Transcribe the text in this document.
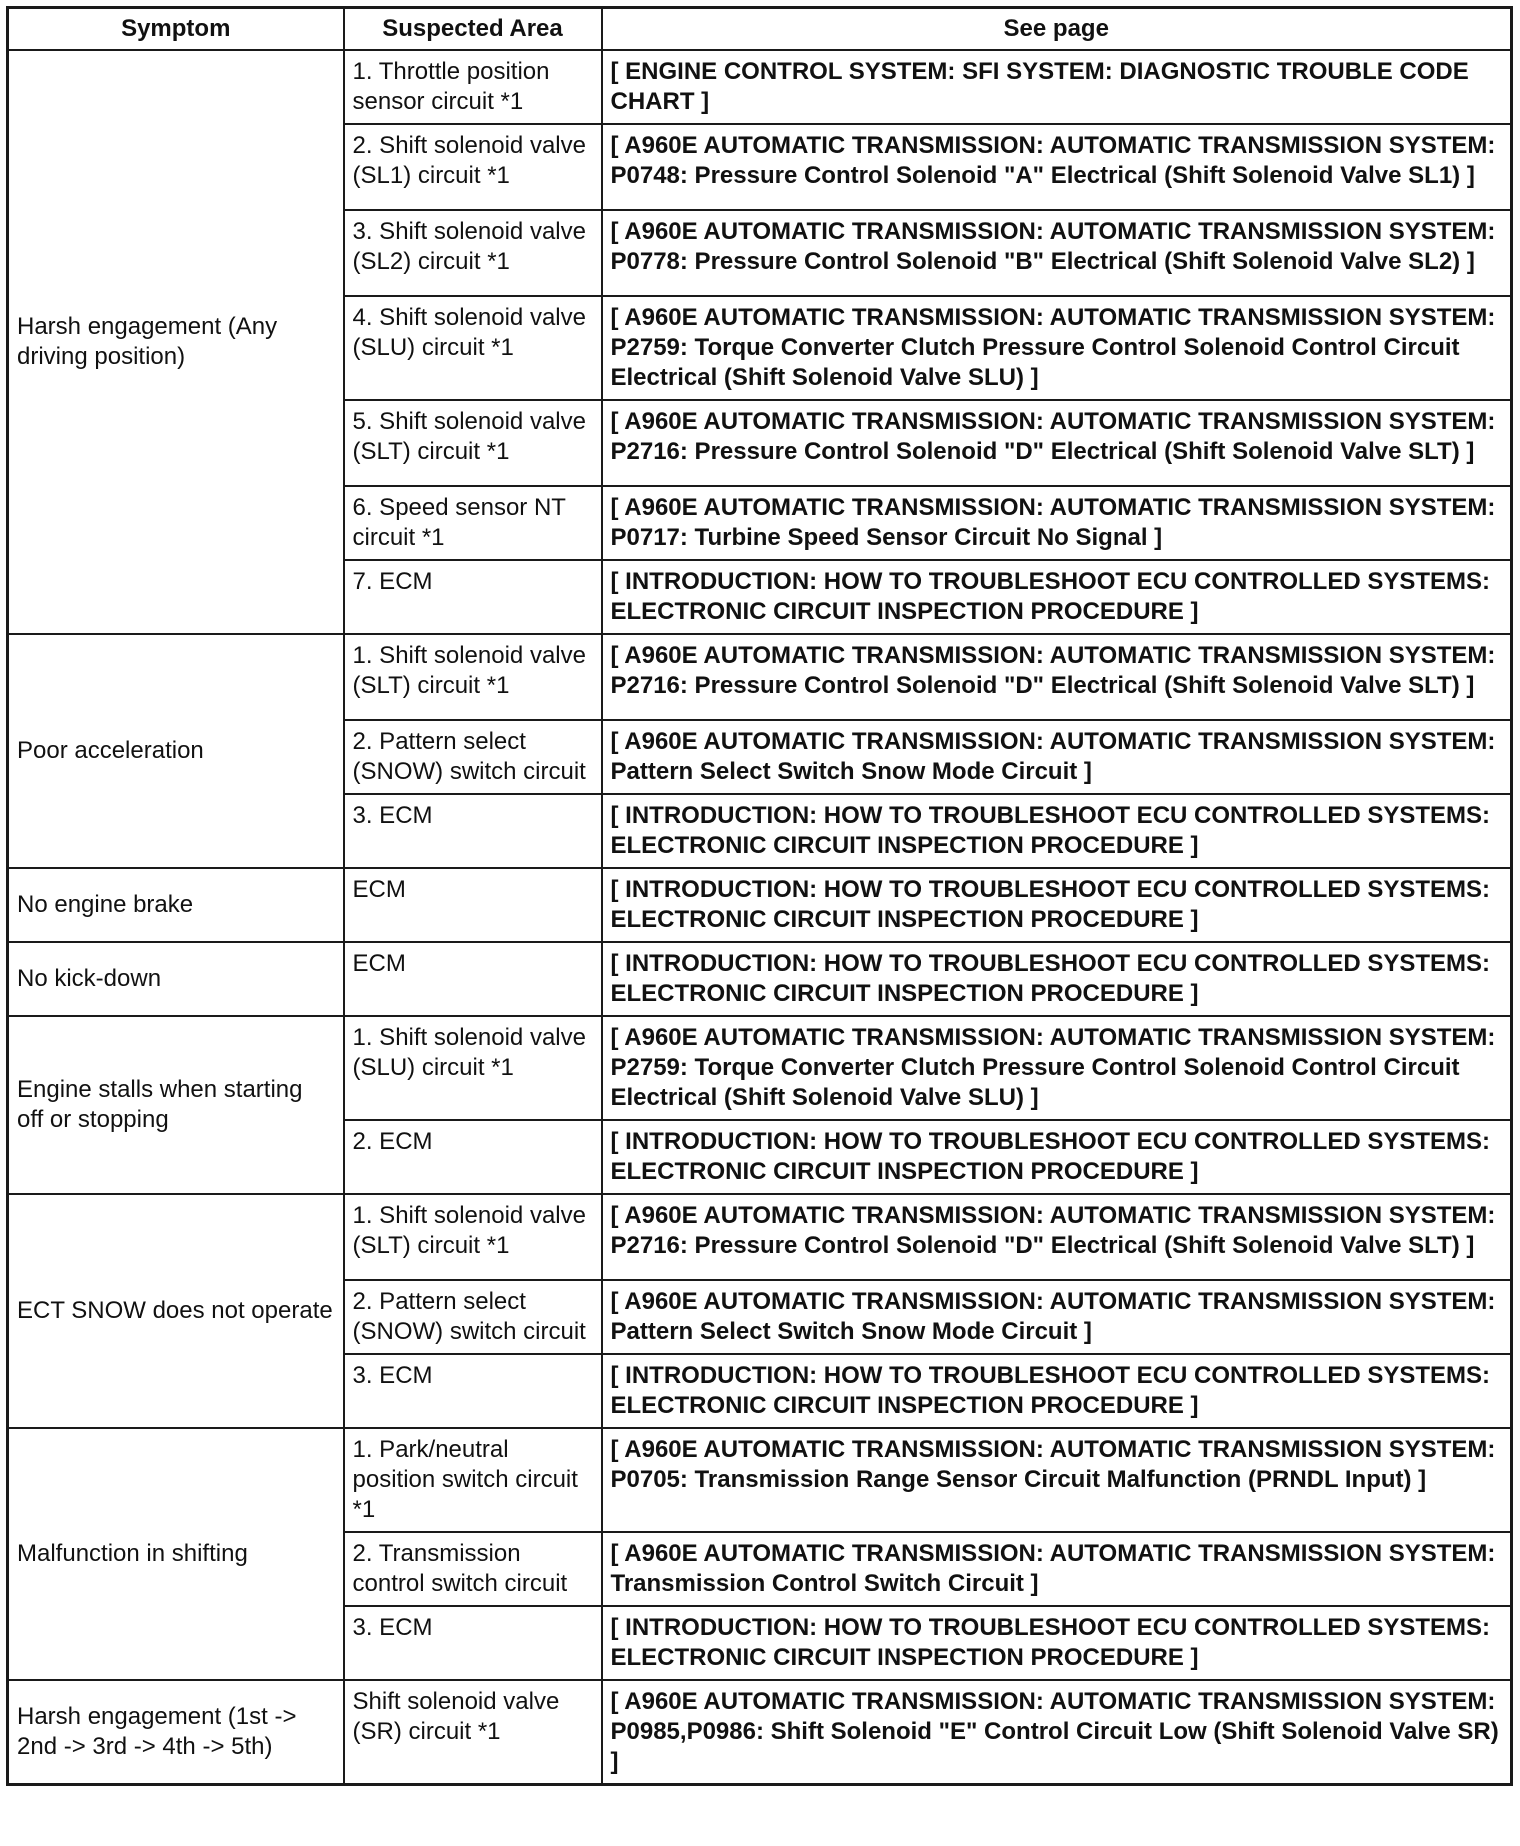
Symptom	Suspected Area	See page
Harsh engagement (Any driving position)	1. Throttle position sensor circuit *1	[ ENGINE CONTROL SYSTEM: SFI SYSTEM: DIAGNOSTIC TROUBLE CODE CHART ]
	2. Shift solenoid valve (SL1) circuit *1	[ A960E AUTOMATIC TRANSMISSION: AUTOMATIC TRANSMISSION SYSTEM: P0748: Pressure Control Solenoid "A" Electrical (Shift Solenoid Valve SL1) ]
	3. Shift solenoid valve (SL2) circuit *1	[ A960E AUTOMATIC TRANSMISSION: AUTOMATIC TRANSMISSION SYSTEM: P0778: Pressure Control Solenoid "B" Electrical (Shift Solenoid Valve SL2) ]
	4. Shift solenoid valve (SLU) circuit *1	[ A960E AUTOMATIC TRANSMISSION: AUTOMATIC TRANSMISSION SYSTEM: P2759: Torque Converter Clutch Pressure Control Solenoid Control Circuit Electrical (Shift Solenoid Valve SLU) ]
	5. Shift solenoid valve (SLT) circuit *1	[ A960E AUTOMATIC TRANSMISSION: AUTOMATIC TRANSMISSION SYSTEM: P2716: Pressure Control Solenoid "D" Electrical (Shift Solenoid Valve SLT) ]
	6. Speed sensor NT circuit *1	[ A960E AUTOMATIC TRANSMISSION: AUTOMATIC TRANSMISSION SYSTEM: P0717: Turbine Speed Sensor Circuit No Signal ]
	7. ECM	[ INTRODUCTION: HOW TO TROUBLESHOOT ECU CONTROLLED SYSTEMS: ELECTRONIC CIRCUIT INSPECTION PROCEDURE ]
Poor acceleration	1. Shift solenoid valve (SLT) circuit *1	[ A960E AUTOMATIC TRANSMISSION: AUTOMATIC TRANSMISSION SYSTEM: P2716: Pressure Control Solenoid "D" Electrical (Shift Solenoid Valve SLT) ]
	2. Pattern select (SNOW) switch circuit	[ A960E AUTOMATIC TRANSMISSION: AUTOMATIC TRANSMISSION SYSTEM: Pattern Select Switch Snow Mode Circuit ]
	3. ECM	[ INTRODUCTION: HOW TO TROUBLESHOOT ECU CONTROLLED SYSTEMS: ELECTRONIC CIRCUIT INSPECTION PROCEDURE ]
No engine brake	ECM	[ INTRODUCTION: HOW TO TROUBLESHOOT ECU CONTROLLED SYSTEMS: ELECTRONIC CIRCUIT INSPECTION PROCEDURE ]
No kick-down	ECM	[ INTRODUCTION: HOW TO TROUBLESHOOT ECU CONTROLLED SYSTEMS: ELECTRONIC CIRCUIT INSPECTION PROCEDURE ]
Engine stalls when starting off or stopping	1. Shift solenoid valve (SLU) circuit *1	[ A960E AUTOMATIC TRANSMISSION: AUTOMATIC TRANSMISSION SYSTEM: P2759: Torque Converter Clutch Pressure Control Solenoid Control Circuit Electrical (Shift Solenoid Valve SLU) ]
	2. ECM	[ INTRODUCTION: HOW TO TROUBLESHOOT ECU CONTROLLED SYSTEMS: ELECTRONIC CIRCUIT INSPECTION PROCEDURE ]
ECT SNOW does not operate	1. Shift solenoid valve (SLT) circuit *1	[ A960E AUTOMATIC TRANSMISSION: AUTOMATIC TRANSMISSION SYSTEM: P2716: Pressure Control Solenoid "D" Electrical (Shift Solenoid Valve SLT) ]
	2. Pattern select (SNOW) switch circuit	[ A960E AUTOMATIC TRANSMISSION: AUTOMATIC TRANSMISSION SYSTEM: Pattern Select Switch Snow Mode Circuit ]
	3. ECM	[ INTRODUCTION: HOW TO TROUBLESHOOT ECU CONTROLLED SYSTEMS: ELECTRONIC CIRCUIT INSPECTION PROCEDURE ]
Malfunction in shifting	1. Park/neutral position switch circuit *1	[ A960E AUTOMATIC TRANSMISSION: AUTOMATIC TRANSMISSION SYSTEM: P0705: Transmission Range Sensor Circuit Malfunction (PRNDL Input) ]
	2. Transmission control switch circuit	[ A960E AUTOMATIC TRANSMISSION: AUTOMATIC TRANSMISSION SYSTEM: Transmission Control Switch Circuit ]
	3. ECM	[ INTRODUCTION: HOW TO TROUBLESHOOT ECU CONTROLLED SYSTEMS: ELECTRONIC CIRCUIT INSPECTION PROCEDURE ]
Harsh engagement (1st -> 2nd -> 3rd -> 4th -> 5th)	Shift solenoid valve (SR) circuit *1	[ A960E AUTOMATIC TRANSMISSION: AUTOMATIC TRANSMISSION SYSTEM: P0985,P0986: Shift Solenoid "E" Control Circuit Low (Shift Solenoid Valve SR) ]
